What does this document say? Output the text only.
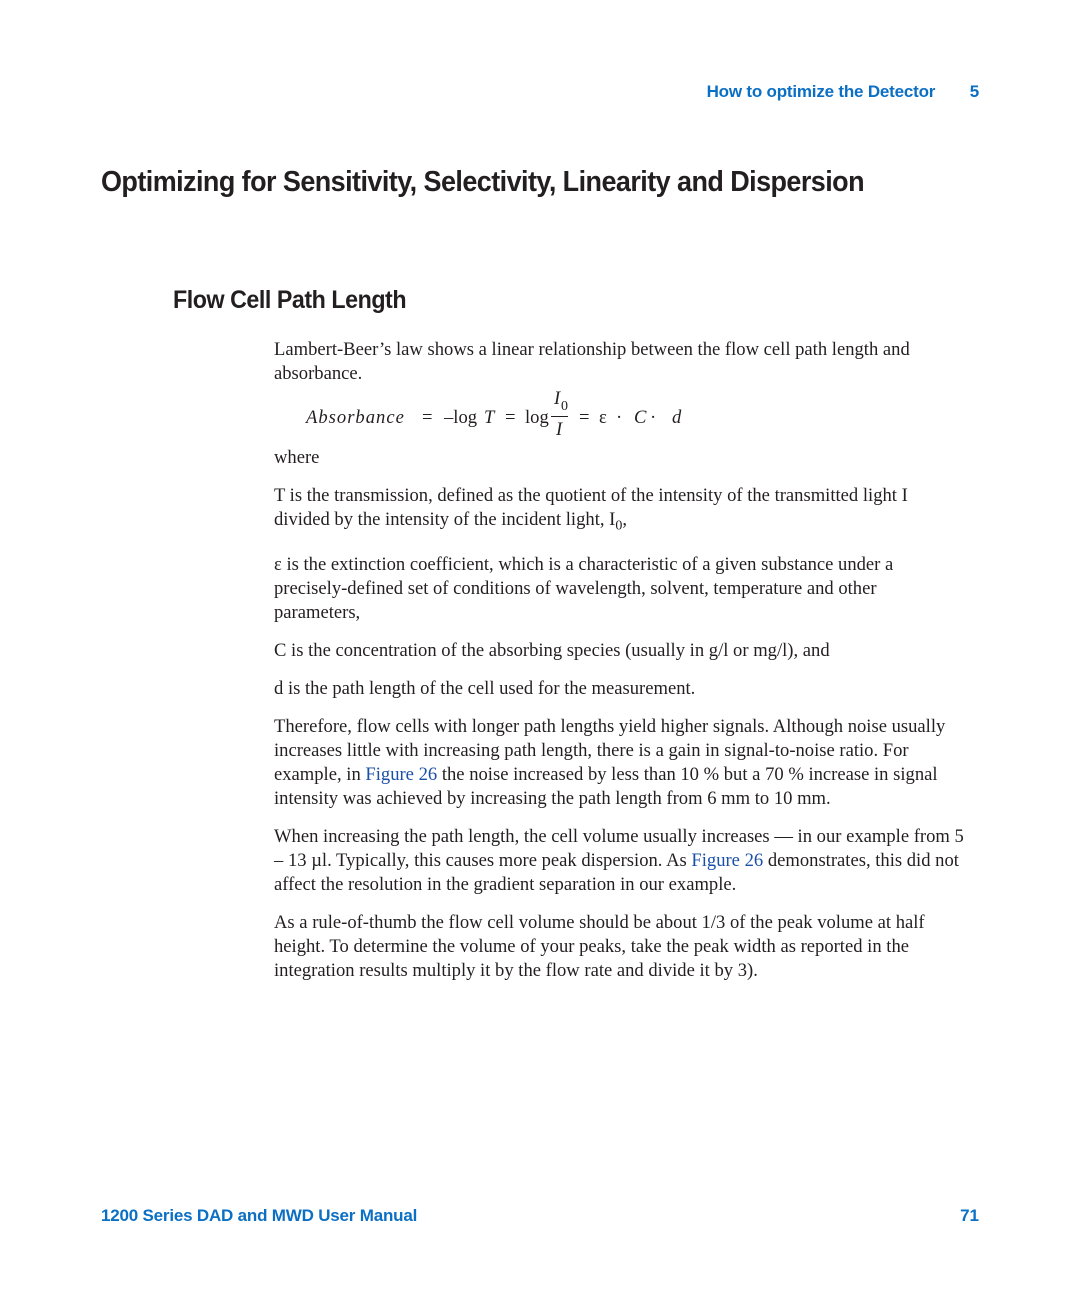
How to optimize the Detector 5
Optimizing for Sensitivity, Selectivity, Linearity and Dispersion
Flow Cell Path Length

Lambert-Beer’s law shows a linear relationship between the flow cell path length and absorbance.

Absorbance = –log T = log
I 0
I
= ε · C · d

where

T is the transmission, defined as the quotient of the intensity of the transmitted light I divided by the intensity of the incident light, $I_0$,

ε is the extinction coefficient, which is a characteristic of a given substance under a precisely-defined set of conditions of wavelength, solvent, temperature and other parameters,

C is the concentration of the absorbing species (usually in g/l or mg/l), and

d is the path length of the cell used for the measurement.

Therefore, flow cells with longer path lengths yield higher signals. Although noise usually increases little with increasing path length, there is a gain in signal-to-noise ratio. For example, in Figure 26 the noise increased by less than 10 % but a 70 % increase in signal intensity was achieved by increasing the path length from 6 mm to 10 mm.

When increasing the path length, the cell volume usually increases — in our example from 5 – 13 µl. Typically, this causes more peak dispersion. As Figure 26 demonstrates, this did not affect the resolution in the gradient separation in our example.

As a rule-of-thumb the flow cell volume should be about 1/3 of the peak volume at half height. To determine the volume of your peaks, take the peak width as reported in the integration results multiply it by the flow rate and divide it by 3).

1200 Series DAD and MWD User Manual	71
